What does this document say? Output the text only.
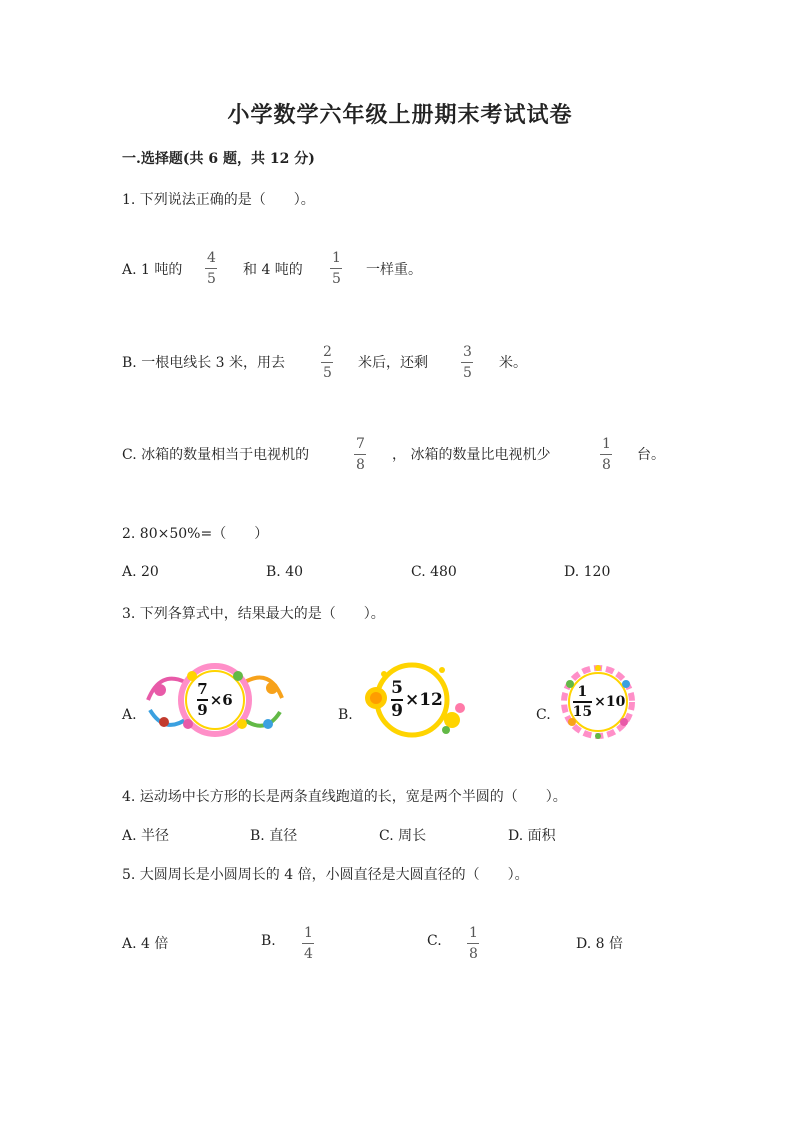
小学数学六年级上册期末考试试卷
一.选择题(共 6 题，共 12 分)
1. 下列说法正确的是（　　）。
A. 1 吨的
4
5
和 4 吨的
1
5
一样重。
B. 一根电线长 3 米，用去
2
5
米后，还剩
3
5
米。
C. 冰箱的数量相当于电视机的
7
8
， 冰箱的数量比电视机少
1
8
台。
2. 80×50%=（　　）
A. 20	B. 40	C. 480	D. 120
3. 下列各算式中，结果最大的是（　　）。
A.
7
9
×6
B.
5
9
×12
C.
1
15
×10
4. 运动场中长方形的长是两条直线跑道的长，宽是两个半圆的（　　）。
A. 半径	B. 直径	C. 周长	D. 面积
5. 大圆周长是小圆周长的 4 倍，小圆直径是大圆直径的（　　）。
A. 4 倍	B. 1
4
C. 1
8
D. 8 倍
